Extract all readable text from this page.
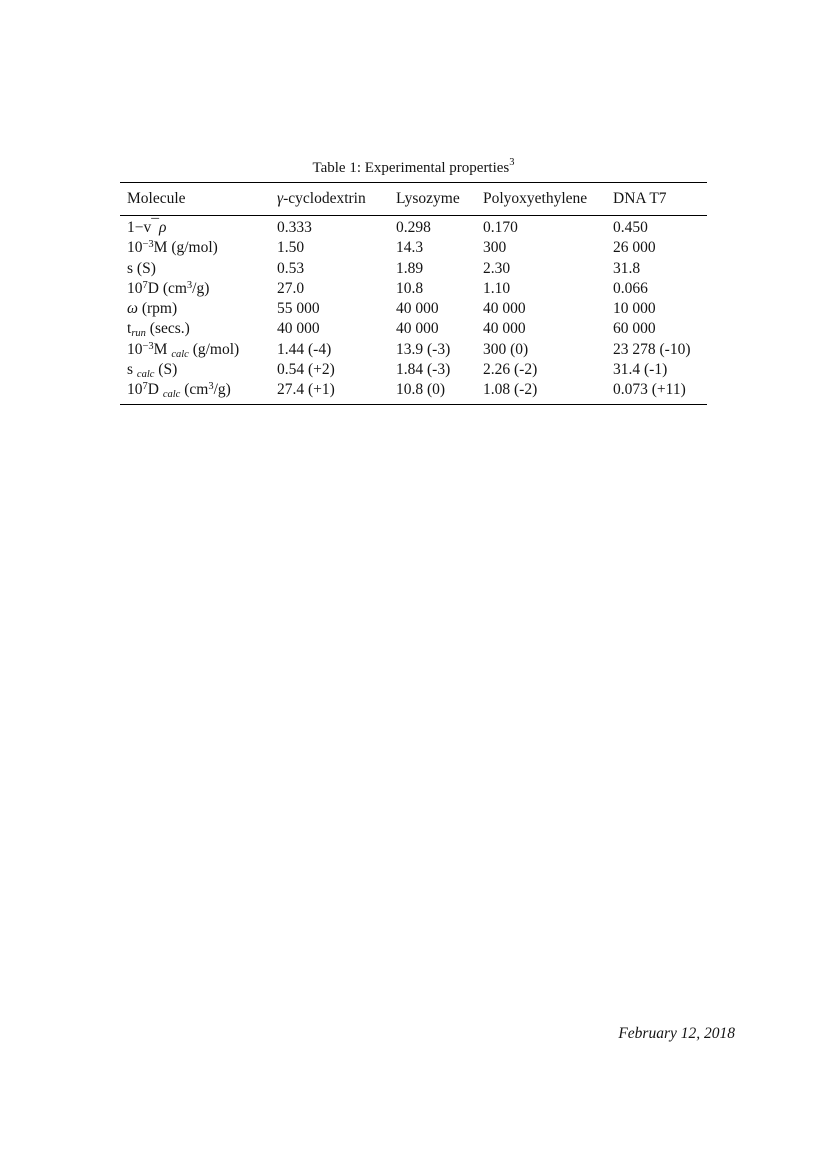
Table 1: Experimental properties$^3$
Molecule	γ-cyclodextrin	Lysozyme	Polyoxyethylene	DNA T7
1−v¯ρ	0.333	0.298	0.170	0.450
$10^{-3}M$ (g/mol)	1.50	14.3	300	26 000
s (S)	0.53	1.89	2.30	31.8
$10^7D$ $(cm^3/g)$	27.0	10.8	1.10	0.066
ω (rpm)	55 000	40 000	40 000	10 000
trun (secs.)	40 000	40 000	40 000	60 000
$10^{-3}M$ calc (g/mol)	1.44 (-4)	13.9 (-3)	300 (0)	23 278 (-10)
s calc (S)	0.54 (+2)	1.84 (-3)	2.26 (-2)	31.4 (-1)
$10^7D$ calc $(cm^3/g)$	27.4 (+1)	10.8 (0)	1.08 (-2)	0.073 (+11)
February 12, 2018
